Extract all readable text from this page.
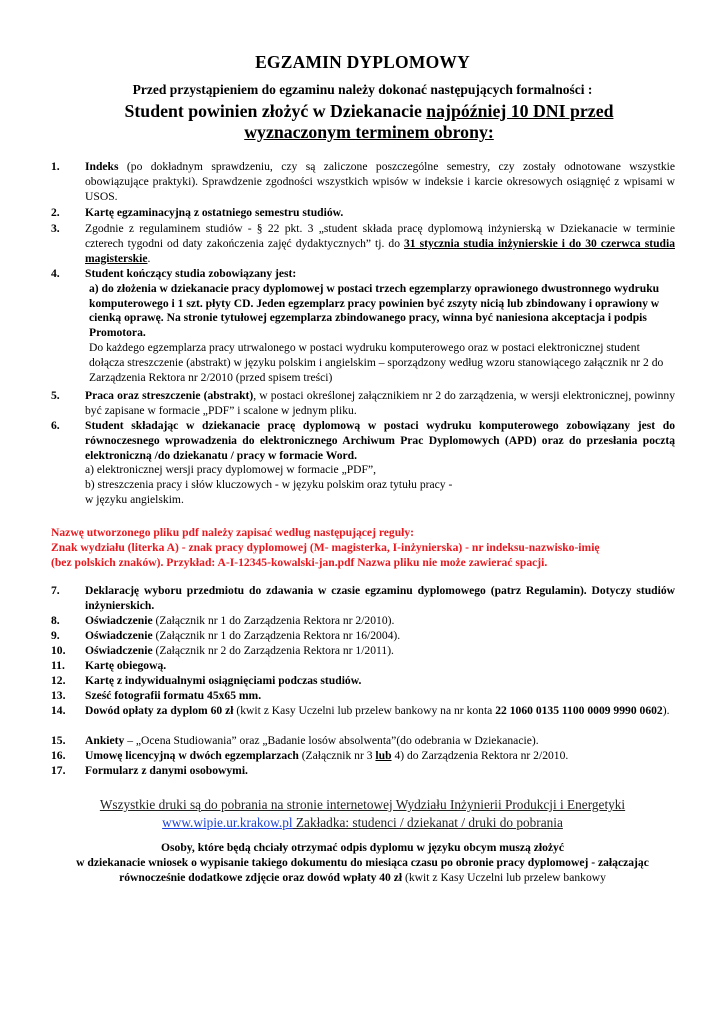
EGZAMIN DYPLOMOWY
Przed przystąpieniem do egzaminu należy dokonać następujących formalności :
Student powinien złożyć w Dziekanacie najpóźniej 10 DNI przed
wyznaczonym terminem obrony:
1. Indeks (po dokładnym sprawdzeniu, czy są zaliczone poszczególne semestry, czy zostały odnotowane wszystkie obowiązujące praktyki). Sprawdzenie zgodności wszystkich wpisów w indeksie i karcie okresowych osiągnięć z wpisami w USOS.
2. Kartę egzaminacyjną z ostatniego semestru studiów.
3. Zgodnie z regulaminem studiów - § 22 pkt. 3 „student składa pracę dyplomową inżynierską w Dziekanacie w terminie czterech tygodni od daty zakończenia zajęć dydaktycznych” tj. do 31 stycznia studia inżynierskie i do 30 czerwca studia magisterskie.
4. Student kończący studia zobowiązany jest:
a) do złożenia w dziekanacie pracy dyplomowej w postaci trzech egzemplarzy oprawionego dwustronnego wydruku komputerowego i 1 szt. płyty CD. Jeden egzemplarz pracy powinien być zszyty nicią lub zbindowany i oprawiony w cienką oprawę. Na stronie tytułowej egzemplarza zbindowanego pracy, winna być naniesiona akceptacja i podpis Promotora.
Do każdego egzemplarza pracy utrwalonego w postaci wydruku komputerowego oraz w postaci elektronicznej student dołącza streszczenie (abstrakt) w języku polskim i angielskim – sporządzony według wzoru stanowiącego załącznik nr 2 do Zarządzenia Rektora nr 2/2010 (przed spisem treści)
5. Praca oraz streszczenie (abstrakt), w postaci określonej załącznikiem nr 2 do zarządzenia, w wersji elektronicznej, powinny być zapisane w formacie „PDF” i scalone w jednym pliku.
6. Student składając w dziekanacie pracę dyplomową w postaci wydruku komputerowego zobowiązany jest do równoczesnego wprowadzenia do elektronicznego Archiwum Prac Dyplomowych (APD) oraz do przesłania pocztą elektroniczną /do dziekanatu / pracy w formacie Word.
a) elektronicznej wersji pracy dyplomowej w formacie „PDF”,
b) streszczenia pracy i słów kluczowych - w języku polskim oraz tytułu pracy -
w języku angielskim.
Nazwę utworzonego pliku pdf należy zapisać według następującej reguły:
Znak wydziału (literka A) - znak pracy dyplomowej (M- magisterka, I-inżynierska) - nr indeksu-nazwisko-imię
(bez polskich znaków). Przykład: A-I-12345-kowalski-jan.pdf Nazwa pliku nie może zawierać spacji.
7. Deklarację wyboru przedmiotu do zdawania w czasie egzaminu dyplomowego (patrz Regulamin). Dotyczy studiów inżynierskich.
8. Oświadczenie (Załącznik nr 1 do Zarządzenia Rektora nr 2/2010).
9. Oświadczenie (Załącznik nr 1 do Zarządzenia Rektora nr 16/2004).
10. Oświadczenie (Załącznik nr 2 do Zarządzenia Rektora nr 1/2011).
11. Kartę obiegową.
12. Kartę z indywidualnymi osiągnięciami podczas studiów.
13. Sześć fotografii formatu 45x65 mm.
14. Dowód opłaty za dyplom 60 zł (kwit z Kasy Uczelni lub przelew bankowy na nr konta 22 1060 0135 1100 0009 9990 0602).
15. Ankiety – „Ocena Studiowania” oraz „Badanie losów absolwenta”(do odebrania w Dziekanacie).
16. Umowę licencyjną w dwóch egzemplarzach (Załącznik nr 3 lub 4) do Zarządzenia Rektora nr 2/2010.
17. Formularz z danymi osobowymi.
Wszystkie druki są do pobrania na stronie internetowej Wydziału Inżynierii Produkcji i Energetyki
www.wipie.ur.krakow.pl Zakładka: studenci / dziekanat / druki do pobrania
Osoby, które będą chciały otrzymać odpis dyplomu w języku obcym muszą złożyć
w dziekanacie wniosek o wypisanie takiego dokumentu do miesiąca czasu po obronie pracy dyplomowej - załączając
równocześnie dodatkowe zdjęcie oraz dowód wpłaty 40 zł (kwit z Kasy Uczelni lub przelew bankowy
